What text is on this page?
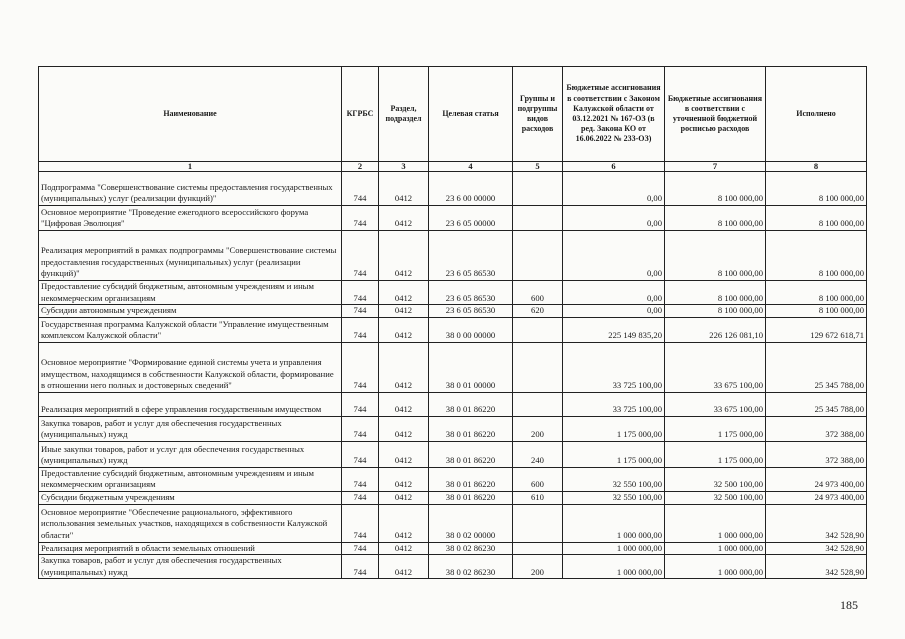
Наименование	КГРБС	Раздел, подраздел	Целевая статья	Группы и подгруппы видов расходов	Бюджетные ассигнования в соответствии с Законом Калужской области от 03.12.2021 № 167-ОЗ (в ред. Закона КО от 16.06.2022 № 233-ОЗ)	Бюджетные ассигнования в соответствии с уточненной бюджетной росписью расходов	Исполнено
1	2	3	4	5	6	7	8
Подпрограмма "Совершенствование системы предоставления государственных (муниципальных) услуг (реализации функций)"	744	0412	23 6 00 00000		0,00	8 100 000,00	8 100 000,00
Основное мероприятие "Проведение ежегодного всероссийского форума "Цифровая Эволюция"	744	0412	23 6 05 00000		0,00	8 100 000,00	8 100 000,00
Реализация мероприятий в рамках подпрограммы "Совершенствование системы предоставления государственных (муниципальных) услуг (реализации функций)"	744	0412	23 6 05 86530		0,00	8 100 000,00	8 100 000,00
Предоставление субсидий бюджетным, автономным учреждениям и иным некоммерческим организациям	744	0412	23 6 05 86530	600	0,00	8 100 000,00	8 100 000,00
Субсидии автономным учреждениям	744	0412	23 6 05 86530	620	0,00	8 100 000,00	8 100 000,00
Государственная программа Калужской области "Управление имущественным комплексом Калужской области"	744	0412	38 0 00 00000		225 149 835,20	226 126 081,10	129 672 618,71
Основное мероприятие "Формирование единой системы учета и управления имуществом, находящимся в собственности Калужской области, формирование в отношении него полных и достоверных сведений"	744	0412	38 0 01 00000		33 725 100,00	33 675 100,00	25 345 788,00
Реализация мероприятий в сфере управления государственным имуществом	744	0412	38 0 01 86220		33 725 100,00	33 675 100,00	25 345 788,00
Закупка товаров, работ и услуг для обеспечения государственных (муниципальных) нужд	744	0412	38 0 01 86220	200	1 175 000,00	1 175 000,00	372 388,00
Иные закупки товаров, работ и услуг для обеспечения государственных (муниципальных) нужд	744	0412	38 0 01 86220	240	1 175 000,00	1 175 000,00	372 388,00
Предоставление субсидий бюджетным, автономным учреждениям и иным некоммерческим организациям	744	0412	38 0 01 86220	600	32 550 100,00	32 500 100,00	24 973 400,00
Субсидии бюджетным учреждениям	744	0412	38 0 01 86220	610	32 550 100,00	32 500 100,00	24 973 400,00
Основное мероприятие "Обеспечение рационального, эффективного использования земельных участков, находящихся в собственности Калужской области"	744	0412	38 0 02 00000		1 000 000,00	1 000 000,00	342 528,90
Реализация мероприятий в области земельных отношений	744	0412	38 0 02 86230		1 000 000,00	1 000 000,00	342 528,90
Закупка товаров, работ и услуг для обеспечения государственных (муниципальных) нужд	744	0412	38 0 02 86230	200	1 000 000,00	1 000 000,00	342 528,90
185
